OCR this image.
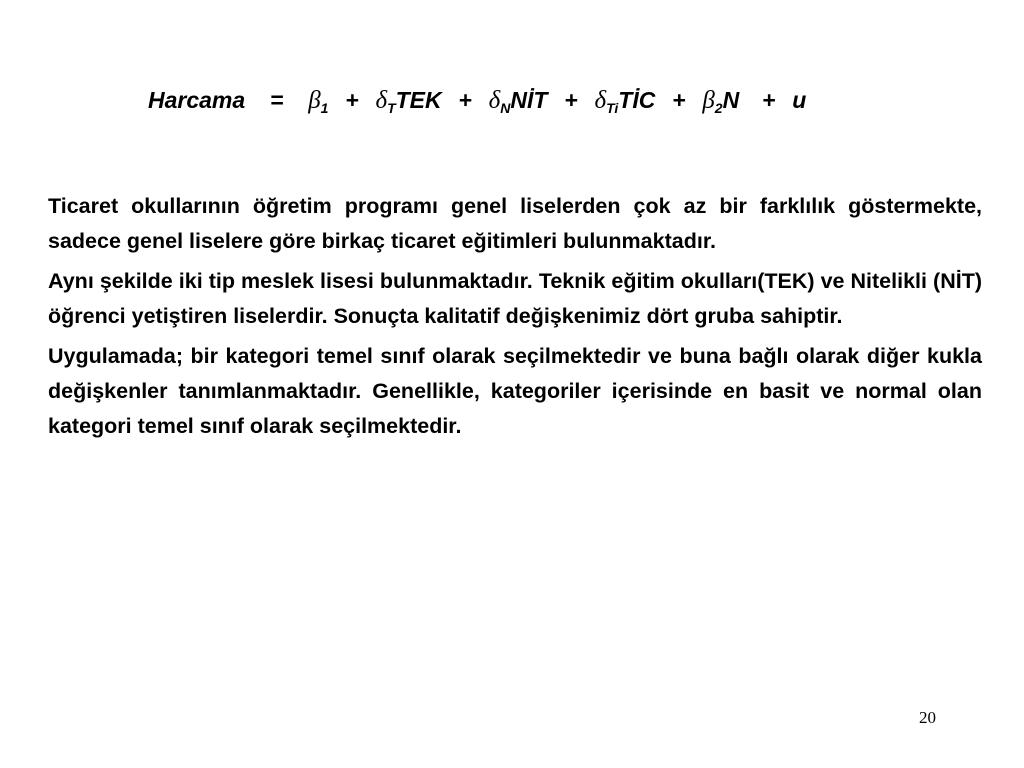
Harcama = $\beta_1 + \delta_TTEK$ + $\delta_NNİT$ + $\delta_{Ti}TİC + \beta_2N + u$

Ticaret okullarının öğretim programı genel liselerden çok az bir farklılık göstermekte, sadece genel liselere göre birkaç ticaret eğitimleri bulunmaktadır.

Aynı şekilde iki tip meslek lisesi bulunmaktadır. Teknik eğitim okulları(TEK) ve Nitelikli (NİT) öğrenci yetiştiren liselerdir. Sonuçta kalitatif değişkenimiz dört gruba sahiptir.

Uygulamada; bir kategori temel sınıf olarak seçilmektedir ve buna bağlı olarak diğer kukla değişkenler tanımlanmaktadır. Genellikle, kategoriler içerisinde en basit ve normal olan kategori temel sınıf olarak seçilmektedir.

20
